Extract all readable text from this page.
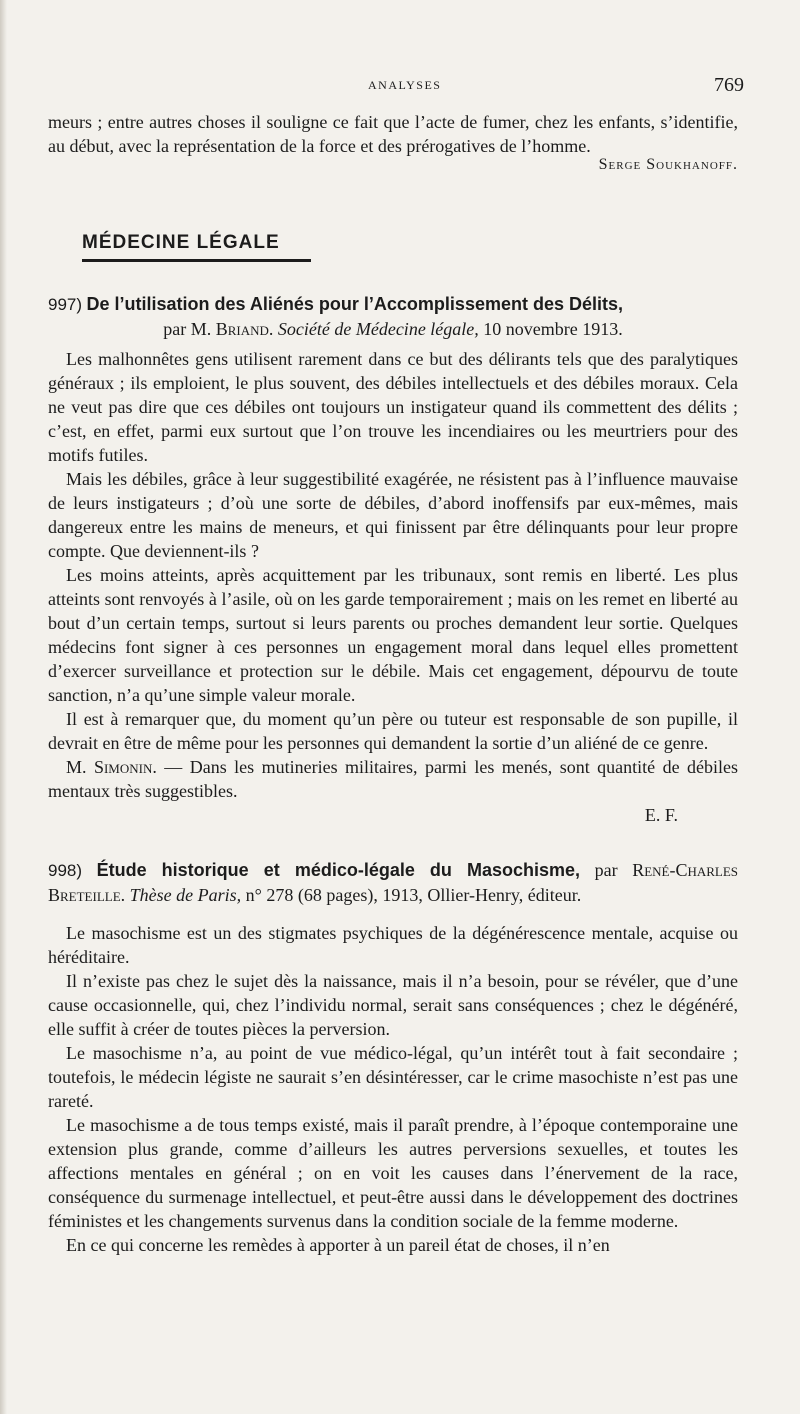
ANALYSES	769

meurs ; entre autres choses il souligne ce fait que l’acte de fumer, chez les enfants, s’identifie, au début, avec la représentation de la force et des prérogatives de l’homme.

Serge Soukhanoff.

MÉDECINE LÉGALE

997) De l’utilisation des Aliénés pour l’Accomplissement des Délits,

par M. Briand. Société de Médecine légale, 10 novembre 1913.

Les malhonnêtes gens utilisent rarement dans ce but des délirants tels que des paralytiques généraux ; ils emploient, le plus souvent, des débiles intellectuels et des débiles moraux. Cela ne veut pas dire que ces débiles ont toujours un instigateur quand ils commettent des délits ; c’est, en effet, parmi eux surtout que l’on trouve les incendiaires ou les meurtriers pour des motifs futiles.

Mais les débiles, grâce à leur suggestibilité exagérée, ne résistent pas à l’influence mauvaise de leurs instigateurs ; d’où une sorte de débiles, d’abord inoffensifs par eux-mêmes, mais dangereux entre les mains de meneurs, et qui finissent par être délinquants pour leur propre compte. Que deviennent-ils ?

Les moins atteints, après acquittement par les tribunaux, sont remis en liberté. Les plus atteints sont renvoyés à l’asile, où on les garde temporairement ; mais on les remet en liberté au bout d’un certain temps, surtout si leurs parents ou proches demandent leur sortie. Quelques médecins font signer à ces personnes un engagement moral dans lequel elles promettent d’exercer surveillance et protection sur le débile. Mais cet engagement, dépourvu de toute sanction, n’a qu’une simple valeur morale.

Il est à remarquer que, du moment qu’un père ou tuteur est responsable de son pupille, il devrait en être de même pour les personnes qui demandent la sortie d’un aliéné de ce genre.

M. Simonin. — Dans les mutineries militaires, parmi les menés, sont quantité de débiles mentaux très suggestibles.

E. F.

998) Étude historique et médico-légale du Masochisme, par René-Charles Breteille. Thèse de Paris, n° 278 (68 pages), 1913, Ollier-Henry, éditeur.

Le masochisme est un des stigmates psychiques de la dégénérescence mentale, acquise ou héréditaire.

Il n’existe pas chez le sujet dès la naissance, mais il n’a besoin, pour se révéler, que d’une cause occasionnelle, qui, chez l’individu normal, serait sans conséquences ; chez le dégénéré, elle suffit à créer de toutes pièces la perversion.

Le masochisme n’a, au point de vue médico-légal, qu’un intérêt tout à fait secondaire ; toutefois, le médecin légiste ne saurait s’en désintéresser, car le crime masochiste n’est pas une rareté.

Le masochisme a de tous temps existé, mais il paraît prendre, à l’époque contemporaine une extension plus grande, comme d’ailleurs les autres perversions sexuelles, et toutes les affections mentales en général ; on en voit les causes dans l’énervement de la race, conséquence du surmenage intellectuel, et peut-être aussi dans le développement des doctrines féministes et les changements survenus dans la condition sociale de la femme moderne.

En ce qui concerne les remèdes à apporter à un pareil état de choses, il n’en
